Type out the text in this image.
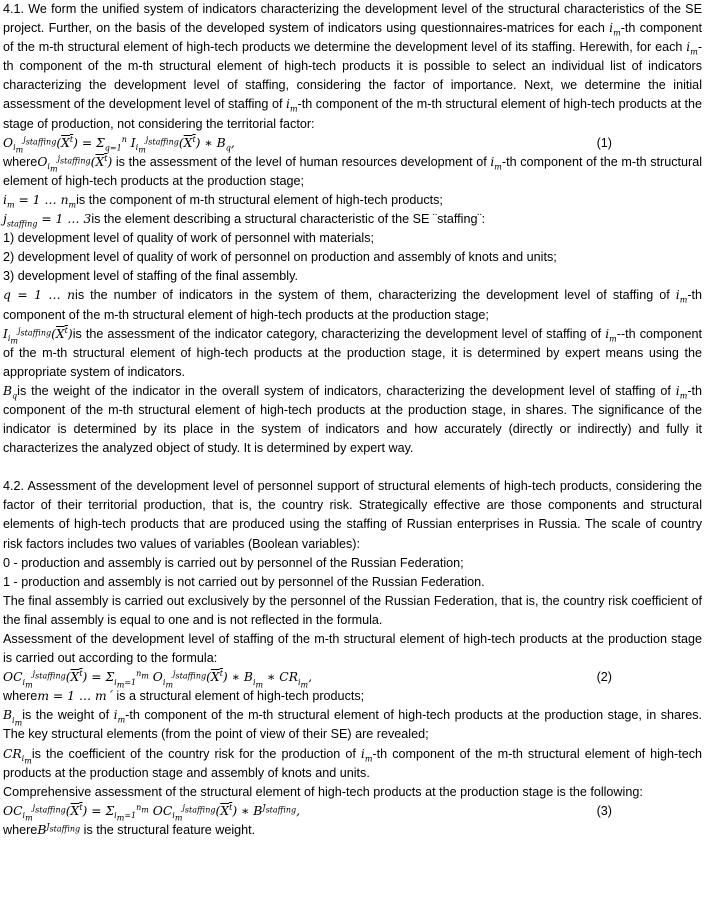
4.1. We form the unified system of indicators characterizing the development level of the structural characteristics of the SE project. Further, on the basis of the developed system of indicators using questionnaires-matrices for each $i_m-th$ component of the m-th structural element of high-tech products we determine the development level of its staffing. Herewith, for each $i_m-th$ component of the m-th structural element of high-tech products it is possible to select an individual list of indicators characterizing the development level of staffing, considering the factor of importance. Next, we determine the initial assessment of the development level of staffing of $i_m-th$ component of the m-th structural element of high-tech products at the stage of production, not considering the territorial factor:

$O_{i_m}^{j_{staffing}}(X^t) = \Sigma_{q=1}^n$ $I_{i_m}^{j_{staffing}}(X^t)$ ∗ $B_q$,	(1)

$whereO_{i_m}^{j_{staffing}}(X^t)$ is the assessment of the level of human resources development of $i_m-th$ component of the m-th structural element of high-tech products at the production stage;

$i_m = 1$ … $n_mis$ the component of m-th structural element of high-tech products;

$j_{staffing} = 1$ … 3is the element describing a structural characteristic of the SE ¨staffing¨:

1) development level of quality of work of personnel with materials;

2) development level of quality of work of personnel on production and assembly of knots and units;

3) development level of staffing of the final assembly.

q = 1 … nis the number of indicators in the system of them, characterizing the development level of staffing of $i_m-th$ component of the m-th structural element of high-tech products at the production stage;

$I_{i_m}^{j_{staffing}}(X^t)is$ the assessment of the indicator category, characterizing the development level of staffing of $i_m--th$ component of the m-th structural element of high-tech products at the production stage, it is determined by expert means using the appropriate system of indicators.

$B_qis$ the weight of the indicator in the overall system of indicators, characterizing the development level of staffing of $i_m-th$ component of the m-th structural element of high-tech products at the production stage, in shares. The significance of the indicator is determined by its place in the system of indicators and how accurately (directly or indirectly) and fully it characterizes the analyzed object of study. It is determined by expert way.

4.2. Assessment of the development level of personnel support of structural elements of high-tech products, considering the factor of their territorial production, that is, the country risk. Strategically effective are those components and structural elements of high-tech products that are produced using the staffing of Russian enterprises in Russia. The scale of country risk factors includes two values of variables (Boolean variables):

0 - production and assembly is carried out by personnel of the Russian Federation;

1 - production and assembly is not carried out by personnel of the Russian Federation.

The final assembly is carried out exclusively by the personnel of the Russian Federation, that is, the country risk coefficient of the final assembly is equal to one and is not reflected in the formula.

Assessment of the development level of staffing of the m-th structural element of high-tech products at the production stage is carried out according to the formula:

$OC_{i_m}^{j_{staffing}}(X^t) = \Sigma_{i_m=1}^{n_m}$ $O_{i_m}^{j_{staffing}}(X^t)$ ∗ $B_{i_m}$ ∗ $CR_{i_m}$,	(2)

wherem = 1 … m´ is a structural element of high-tech products;

$B_{i_m}is$ the weight of $i_m-th$ component of the m-th structural element of high-tech products at the production stage, in shares. The key structural elements (from the point of view of their SE) are revealed;

$CR_{i_m}is$ the coefficient of the country risk for the production of $i_m-th$ component of the m-th structural element of high-tech products at the production stage and assembly of knots and units.

Comprehensive assessment of the structural element of high-tech products at the production stage is the following:

$OC_{i_m}^{j_{staffing}}(X^t) = \Sigma_{i_m=1}^{n_m}$ $OC_{i_m}^{j_{staffing}}(X^t)$ ∗ $B^{J_{staffing}}$,	(3)

whereB$^{J_{staffing}}$ is the structural feature weight.
